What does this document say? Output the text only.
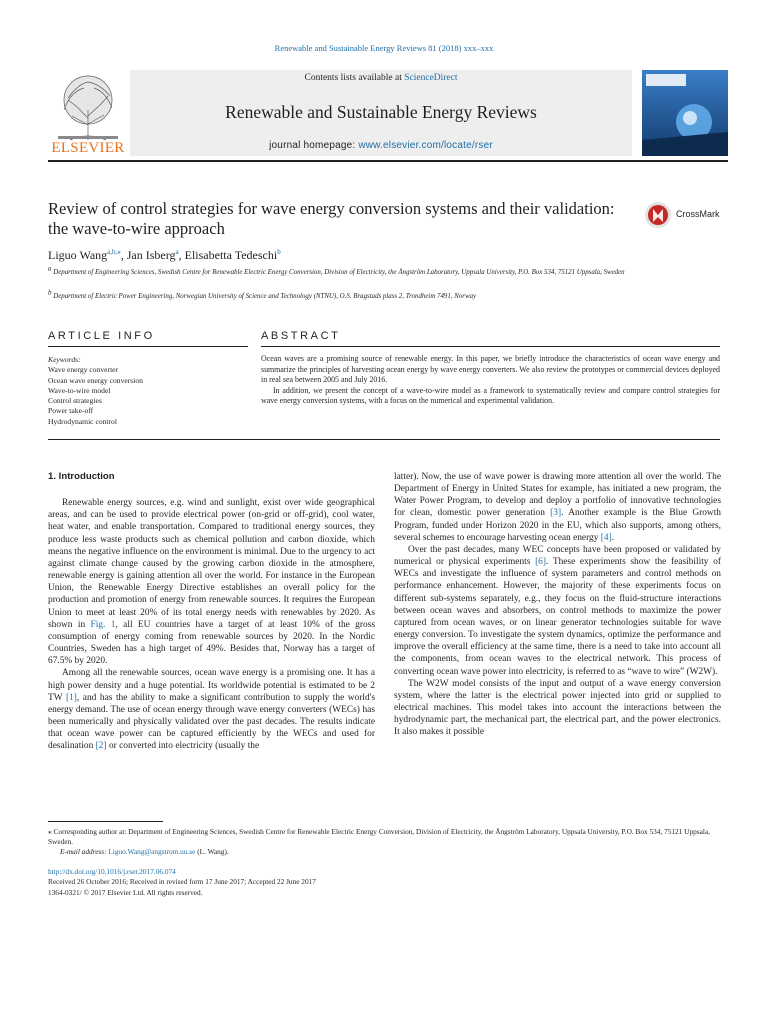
Renewable and Sustainable Energy Reviews 81 (2018) xxx–xxx
ELSEVIER
Contents lists available at ScienceDirect
Renewable and Sustainable Energy Reviews
journal homepage: www.elsevier.com/locate/rser
Review of control strategies for wave energy conversion systems and their validation: the wave-to-wire approach
CrossMark
Liguo Wang$^{a,b,⁎}$, Jan Isberg$^a$, Elisabetta Tedeschi$^b$
$^a$ Department of Engineering Sciences, Swedish Centre for Renewable Electric Energy Conversion, Division of Electricity, the Ångström Laboratory, Uppsala University, P.O. Box 534, 75121 Uppsala, Sweden
$^b$ Department of Electric Power Engineering, Norwegian University of Science and Technology (NTNU), O.S. Bragstads plass 2, Trondheim 7491, Norway
ARTICLE INFO	ABSTRACT
Keywords:
Wave energy converter
Ocean wave energy conversion
Wave-to-wire model
Control strategies
Power take-off
Hydrodynamic control

Ocean waves are a promising source of renewable energy. In this paper, we briefly introduce the characteristics of ocean wave energy and summarize the principles of harvesting ocean energy by wave energy converters. We also review the prototypes or commercial devices deployed in real sea between 2005 and July 2016.

In addition, we present the concept of a wave-to-wire model as a framework to systematically review and compare control strategies for wave energy conversion systems, with a focus on the numerical and experimental validation.

1. Introduction

Renewable energy sources, e.g. wind and sunlight, exist over wide geographical areas, and can be used to provide electrical power (on-grid or off-grid), cool water, heat water, and enable transportation. Compared to traditional energy sources, they produce less waste products such as chemical pollution and carbon dioxide, which means the negative influence on the environment is minimal. Due to the urgency to act against climate change caused by the growing carbon dioxide in the atmosphere, renewable energy is gaining attention all over the world. For instance in the European Union, the Renewable Energy Directive establishes an overall policy for the production and promotion of energy from renewable sources. It requires the European Union to meet at least 20% of its total energy needs with renewables by 2020. As shown in Fig. 1, all EU countries have a target of at least 10% of the gross consumption of energy coming from renewable sources by 2020. In the Nordic Countries, Sweden has a high target of 49%. Besides that, Norway has a target of 67.5% by 2020.

Among all the renewable sources, ocean wave energy is a promising one. It has a high power density and a huge potential. Its worldwide potential is estimated to be 2 TW [1], and has the ability to make a significant contribution to supply the world's energy demand. The use of ocean energy through wave energy converters (WECs) has been numerically and physically validated over the past decades. The results indicate that ocean wave power can be captured efficiently by the WECs and used for desalination [2] or converted into electricity (usually the

latter). Now, the use of wave power is drawing more attention all over the world. The Department of Energy in United States for example, has initiated a new program, the Water Power Program, to develop and deploy a portfolio of innovative technologies for clean, domestic power generation [3]. Another example is the Blue Growth Program, funded under Horizon 2020 in the EU, which also supports, among others, several schemes to encourage harvesting ocean energy [4].

Over the past decades, many WEC concepts have been proposed or validated by numerical or physical experiments [6]. These experiments show the feasibility of WECs and investigate the influence of system parameters and control methods on performance enhancement. However, the majority of these experiments focus on different sub-systems separately, e.g., they focus on the fluid-structure interactions between ocean waves and absorbers, on control methods to maximize the power captured from ocean waves, or on linear generator technologies suitable for wave energy conversion. To investigate the system dynamics, optimize the performance and improve the overall efficiency at the same time, there is a need to take into account all the components, from ocean waves to the electrical network. This process of converting ocean wave power into electricity, is referred to as “wave to wire” (W2W).

The W2W model consists of the input and output of a wave energy conversion system, where the latter is the electrical power injected into grid or supplied to electrical machines. This model takes into account the interactions between the hydrodynamic part, the mechanical part, the electrical part, and the power electronics. It also makes it possible

⁎ Corresponding author at: Department of Engineering Sciences, Swedish Centre for Renewable Electric Energy Conversion, Division of Electricity, the Ångström Laboratory, Uppsala University, P.O. Box 534, 75121 Uppsala, Sweden.

E-mail address: Liguo.Wang@angstrom.uu.se (L. Wang).

http://dx.doi.org/10.1016/j.rser.2017.06.074

Received 26 October 2016; Received in revised form 17 June 2017; Accepted 22 June 2017

1364-0321/ © 2017 Elsevier Ltd. All rights reserved.
